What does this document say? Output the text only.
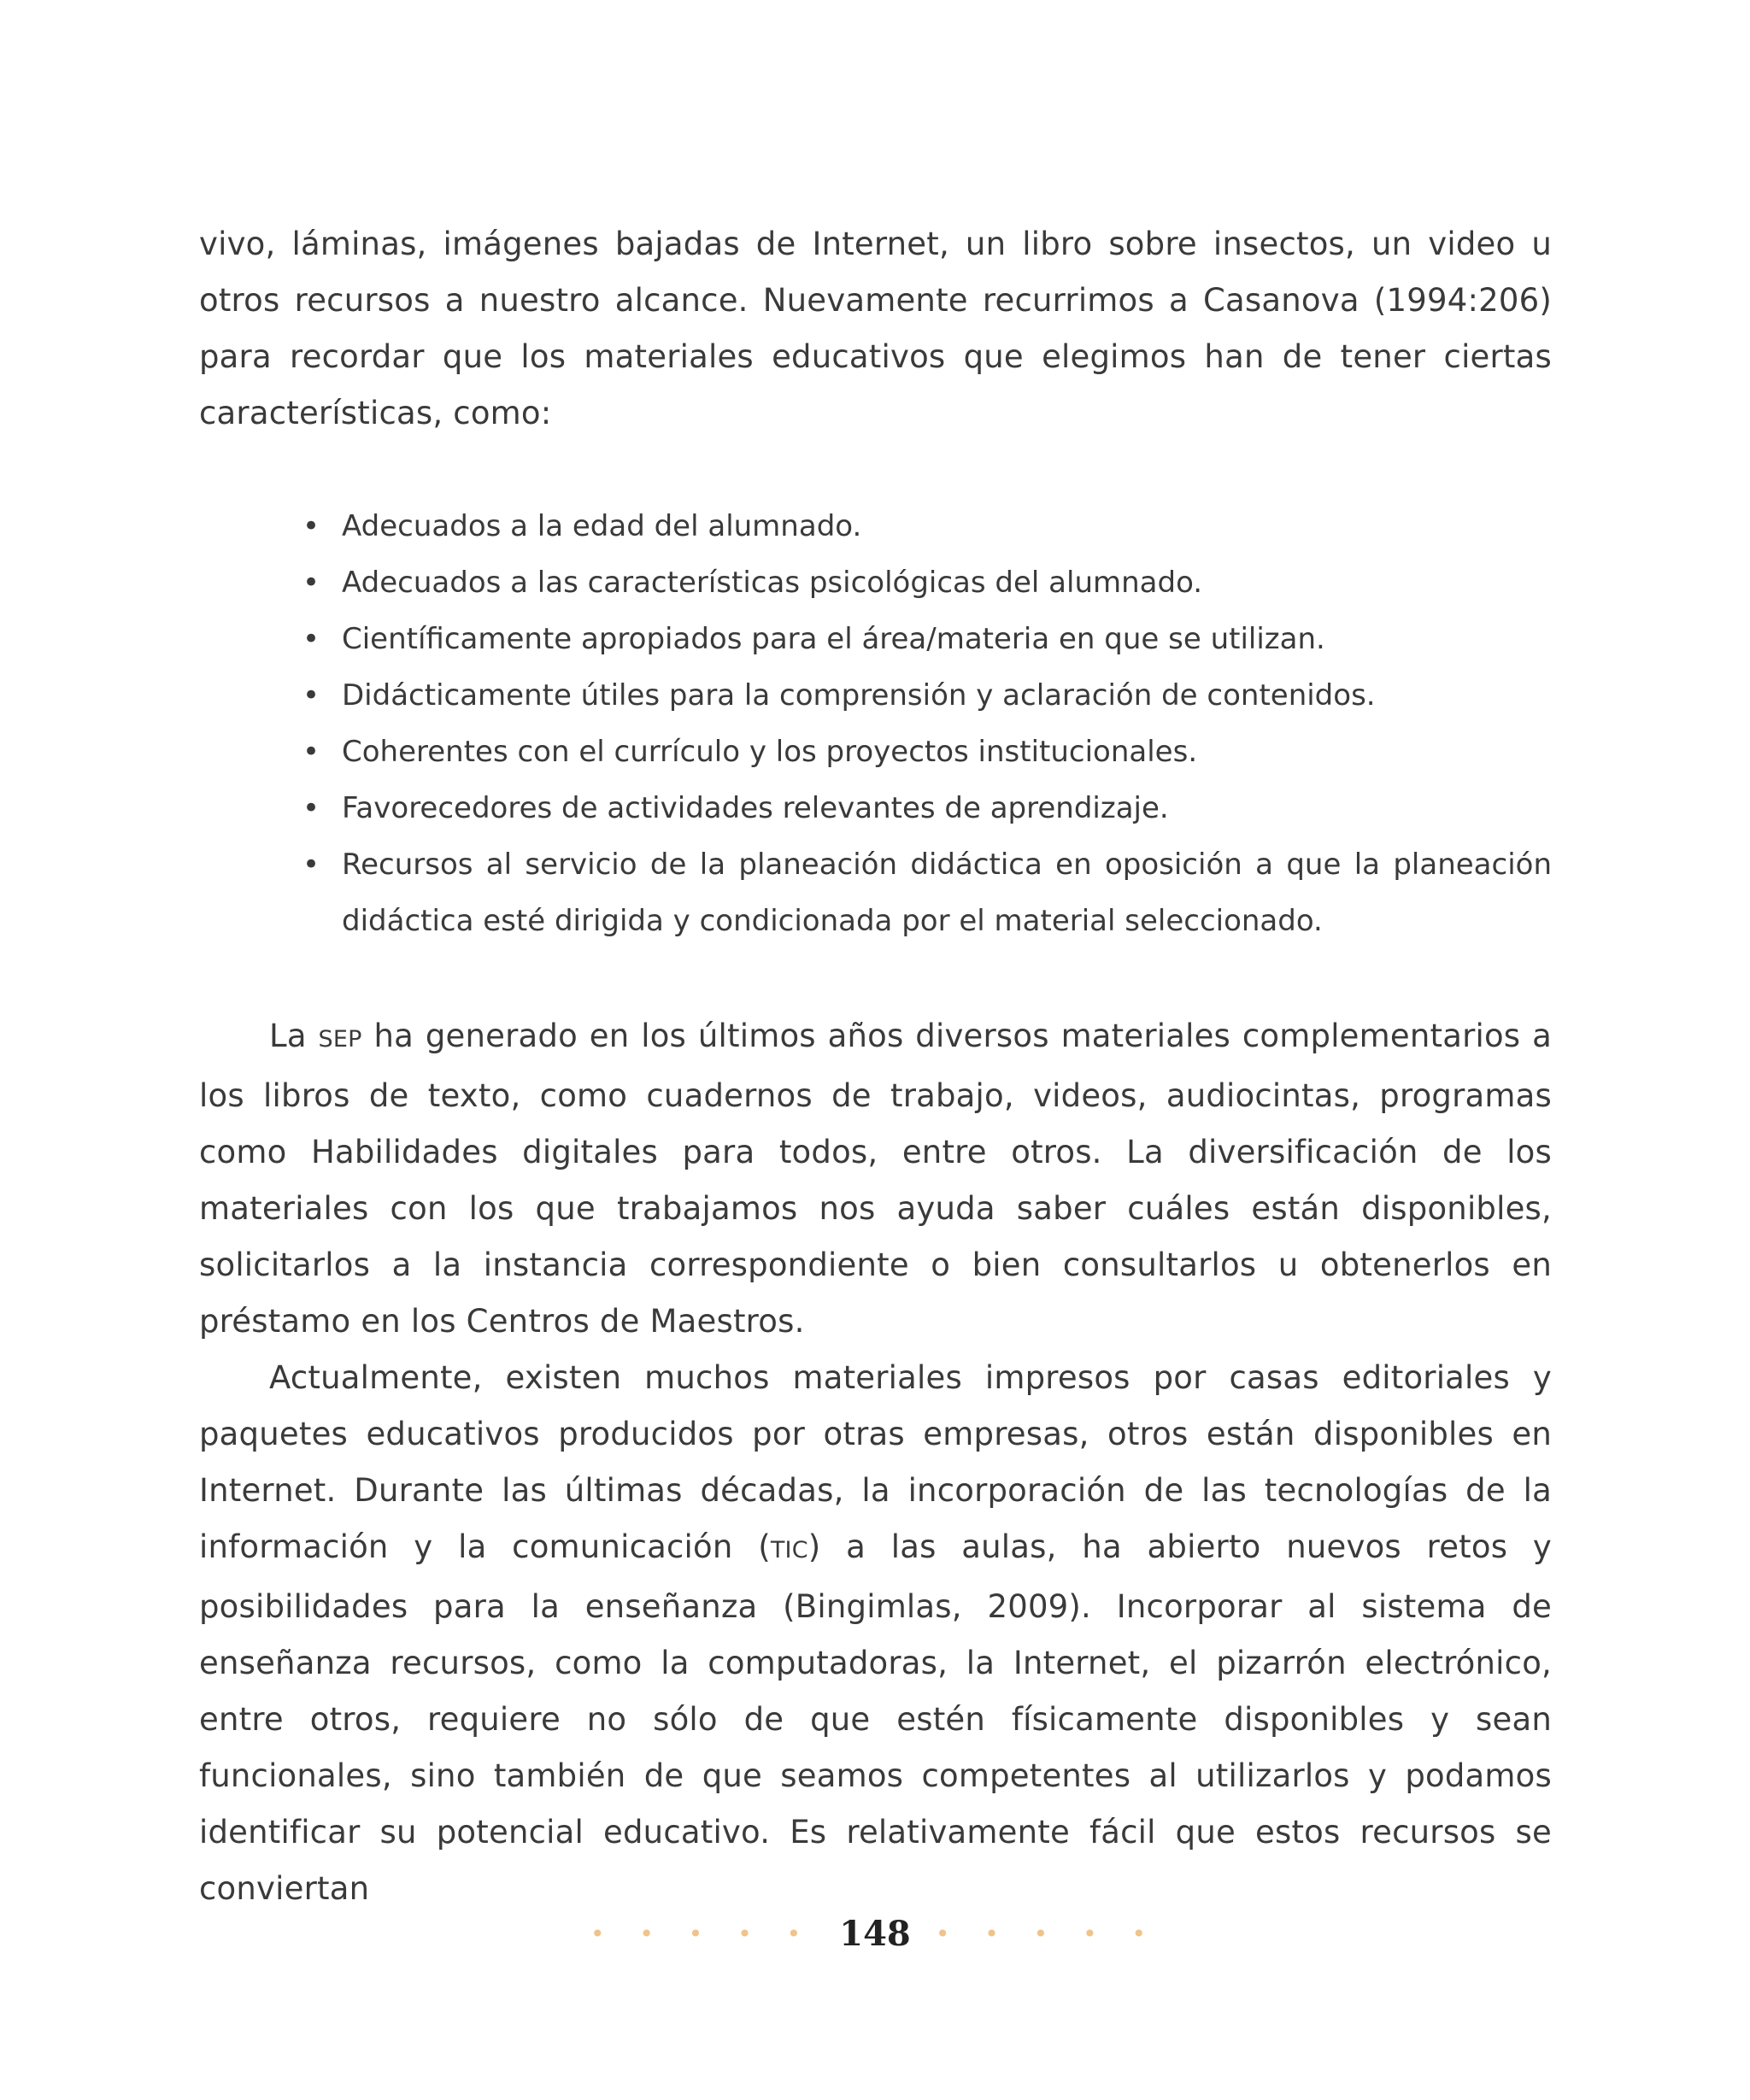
vivo, láminas, imágenes bajadas de Internet, un libro sobre insectos, un video u otros recursos a nuestro alcance. Nuevamente recurrimos a Casanova (1994:206) para recordar que los materiales educativos que elegimos han de tener ciertas características, como:

• Adecuados a la edad del alumnado.
• Adecuados a las características psicológicas del alumnado.
• Científicamente apropiados para el área/materia en que se utilizan.
• Didácticamente útiles para la comprensión y aclaración de contenidos.
• Coherentes con el currículo y los proyectos institucionales.
• Favorecedores de actividades relevantes de aprendizaje.
• Recursos al servicio de la planeación didáctica en oposición a que la planeación didáctica esté dirigida y condicionada por el material seleccionado.

La SEP ha generado en los últimos años diversos materiales complementarios a los libros de texto, como cuadernos de trabajo, videos, audiocintas, programas como Habilidades digitales para todos, entre otros. La diversificación de los materiales con los que trabajamos nos ayuda saber cuáles están disponibles, solicitarlos a la instancia correspondiente o bien consultarlos u obtenerlos en préstamo en los Centros de Maestros.

Actualmente, existen muchos materiales impresos por casas editoriales y paquetes educativos producidos por otras empresas, otros están disponibles en Internet. Durante las últimas décadas, la incorporación de las tecnologías de la información y la comunicación (TIC) a las aulas, ha abierto nuevos retos y posibilidades para la enseñanza (Bingimlas, 2009). Incorporar al sistema de enseñanza recursos, como la computadoras, la Internet, el pizarrón electrónico, entre otros, requiere no sólo de que estén físicamente disponibles y sean funcionales, sino también de que seamos competentes al utilizarlos y podamos identificar su potencial educativo. Es relativamente fácil que estos recursos se conviertan

• • • • • 148 • • • • •
